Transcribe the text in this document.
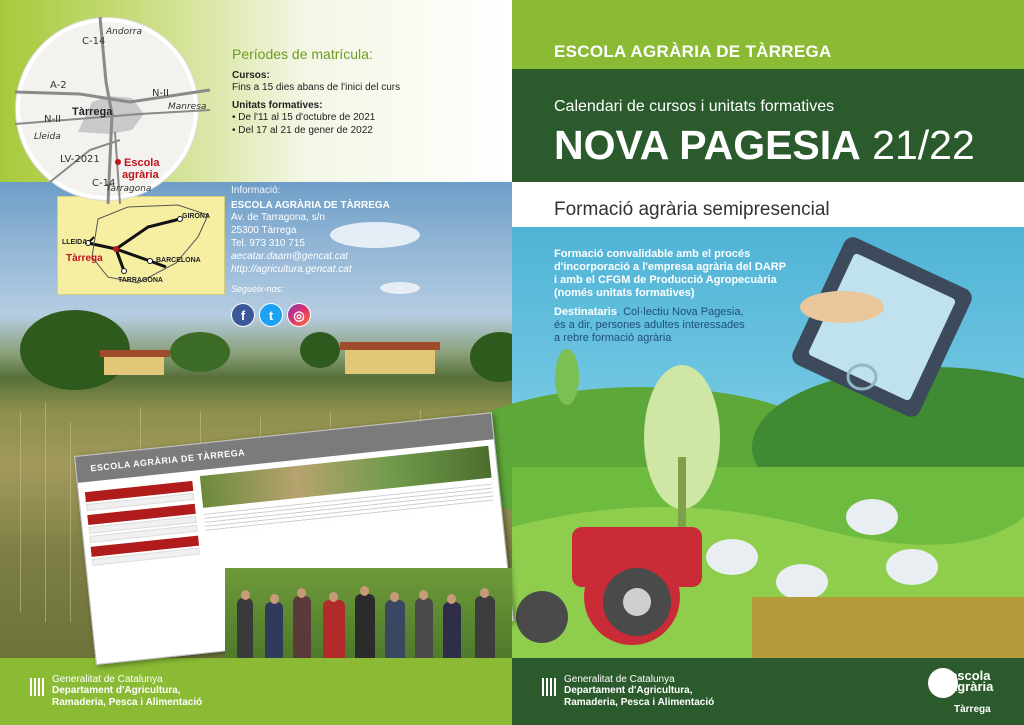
C-14
A-2
N-II
N-II
LV-2021
C-14
Andorra
Manresa
Lleida
Tarragona
Tàrrega
Escola
agrària
GIRONA
LLEIDA
BARCELONA
TARRAGONA
Tàrrega
Períodes de matrícula:
Cursos:
Fins a 15 dies abans de l'inici del curs
Unitats formatives:
• De l'11 al 15 d'octubre de 2021
• Del 17 al 21 de gener de 2022
Informació:
ESCOLA AGRÀRIA DE TÀRREGA
Av. de Tarragona, s/n
25300 Tàrrega
Tel. 973 310 715
aecatar.daam@gencat.cat
http://agricultura.gencat.cat
Segueix-nos:
f	t	◎
ESCOLA AGRÀRIA DE TÀRREGA

Generalitat de Catalunya
Departament d'Agricultura,
Ramaderia, Pesca i Alimentació
ESCOLA AGRÀRIA DE TÀRREGA
Calendari de cursos i unitats formatives
NOVA PAGESIA 21/22
Formació agrària semipresencial
Formació convalidable amb el procés
d'incorporació a l'empresa agrària del DARP
i amb el CFGM de Producció Agropecuària
(només unitats formatives)
Destinataris. Col·lectiu Nova Pagesia,
és a dir, persones adultes interessades
a rebre formació agrària
Generalitat de Catalunya
Departament d'Agricultura,
Ramaderia, Pesca i Alimentació
escola
agrària
Tàrrega
